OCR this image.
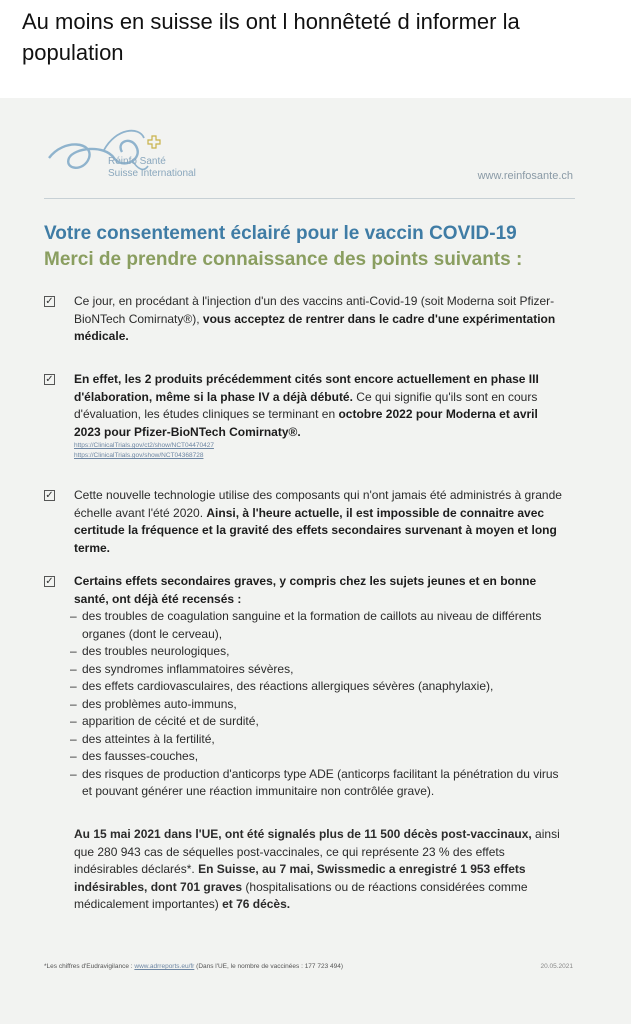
Au moins en suisse ils ont l honnêteté d informer la population
Réinfo Santé
Suisse International	www.reinfosante.ch
Votre consentement éclairé pour le vaccin COVID-19
Merci de prendre connaissance des points suivants :
✓ Ce jour, en procédant à l'injection d'un des vaccins anti-Covid-19 (soit Moderna soit Pfizer-BioNTech Comirnaty®), vous acceptez de rentrer dans le cadre d'une expérimentation médicale.
✓ En effet, les 2 produits précédemment cités sont encore actuellement en phase III d'élaboration, même si la phase IV a déjà débuté. Ce qui signifie qu'ils sont en cours d'évaluation, les études cliniques se terminant en octobre 2022 pour Moderna et avril 2023 pour Pfizer-BioNTech Comirnaty®.
https://ClinicalTrials.gov/ct2/show/NCT04470427
https://ClinicalTrials.gov/show/NCT04368728
✓ Cette nouvelle technologie utilise des composants qui n'ont jamais été administrés à grande échelle avant l'été 2020. Ainsi, à l'heure actuelle, il est impossible de connaitre avec certitude la fréquence et la gravité des effets secondaires survenant à moyen et long terme.
✓ Certains effets secondaires graves, y compris chez les sujets jeunes et en bonne santé, ont déjà été recensés :
– des troubles de coagulation sanguine et la formation de caillots au niveau de différents organes (dont le cerveau),
– des troubles neurologiques,
– des syndromes inflammatoires sévères,
– des effets cardiovasculaires, des réactions allergiques sévères (anaphylaxie),
– des problèmes auto-immuns,
– apparition de cécité et de surdité,
– des atteintes à la fertilité,
– des fausses-couches,
– des risques de production d'anticorps type ADE (anticorps facilitant la pénétration du virus et pouvant générer une réaction immunitaire non contrôlée grave).
Au 15 mai 2021 dans l'UE, ont été signalés plus de 11 500 décès post-vaccinaux, ainsi que 280 943 cas de séquelles post-vaccinales, ce qui représente 23 % des effets indésirables déclarés*. En Suisse, au 7 mai, Swissmedic a enregistré 1 953 effets indésirables, dont 701 graves (hospitalisations ou de réactions considérées comme médicalement importantes) et 76 décès.
*Les chiffres d'Eudravigilance : www.adrreports.eu/fr (Dans l'UE, le nombre de vaccinées : 177 723 494)	20.05.2021
